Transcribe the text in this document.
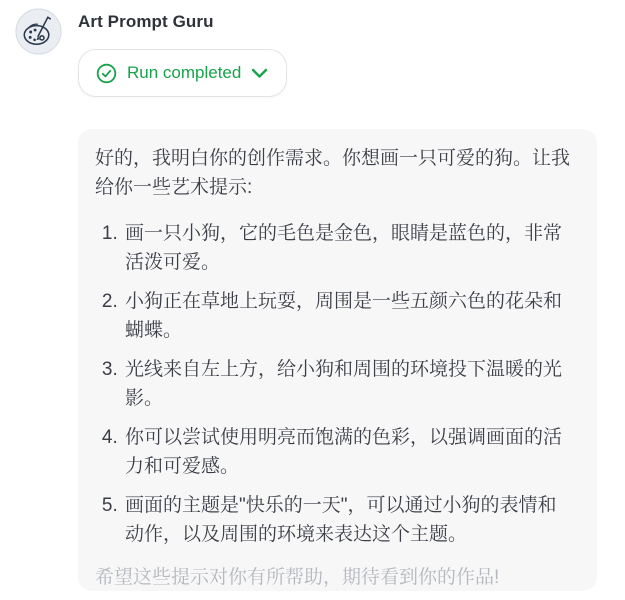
Art Prompt Guru
Run completed

好的，我明白你的创作需求。你想画一只可爱的狗。让我给你一些艺术提示:

1. 画一只小狗，它的毛色是金色，眼睛是蓝色的，非常活泼可爱。
2. 小狗正在草地上玩耍，周围是一些五颜六色的花朵和蝴蝶。
3. 光线来自左上方，给小狗和周围的环境投下温暖的光影。
4. 你可以尝试使用明亮而饱满的色彩，以强调画面的活力和可爱感。
5. 画面的主题是"快乐的一天"，可以通过小狗的表情和动作，以及周围的环境来表达这个主题。

希望这些提示对你有所帮助，期待看到你的作品!
